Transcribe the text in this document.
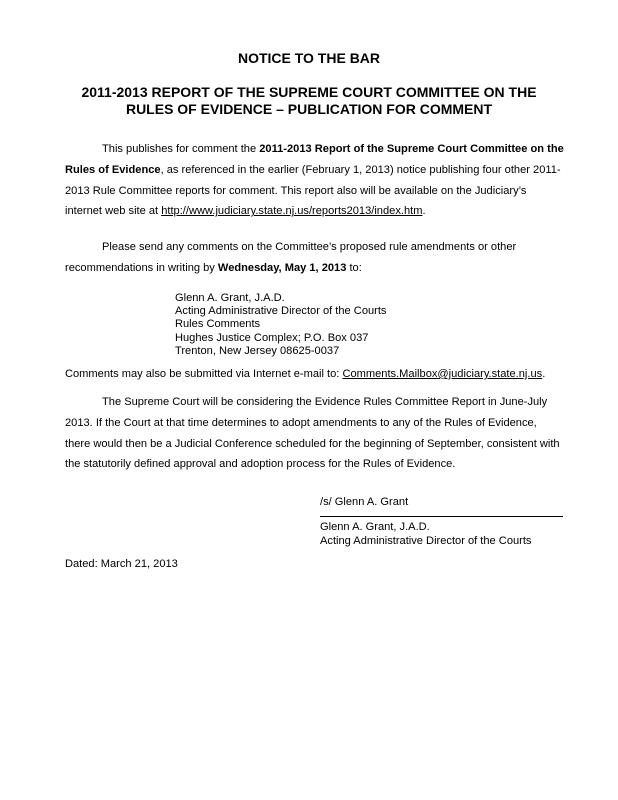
NOTICE TO THE BAR
2011-2013 REPORT OF THE SUPREME COURT COMMITTEE ON THE
RULES OF EVIDENCE – PUBLICATION FOR COMMENT

This publishes for comment the 2011-2013 Report of the Supreme Court Committee on the Rules of Evidence, as referenced in the earlier (February 1, 2013) notice publishing four other 2011-2013 Rule Committee reports for comment. This report also will be available on the Judiciary’s internet web site at http://www.judiciary.state.nj.us/reports2013/index.htm.

Please send any comments on the Committee’s proposed rule amendments or other recommendations in writing by Wednesday, May 1, 2013 to:

Glenn A. Grant, J.A.D.
Acting Administrative Director of the Courts
Rules Comments
Hughes Justice Complex; P.O. Box 037
Trenton, New Jersey 08625-0037

Comments may also be submitted via Internet e-mail to: Comments.Mailbox@judiciary.state.nj.us.

The Supreme Court will be considering the Evidence Rules Committee Report in June-July 2013. If the Court at that time determines to adopt amendments to any of the Rules of Evidence, there would then be a Judicial Conference scheduled for the beginning of September, consistent with the statutorily defined approval and adoption process for the Rules of Evidence.

/s/ Glenn A. Grant

Glenn A. Grant, J.A.D.

Acting Administrative Director of the Courts

Dated: March 21, 2013
